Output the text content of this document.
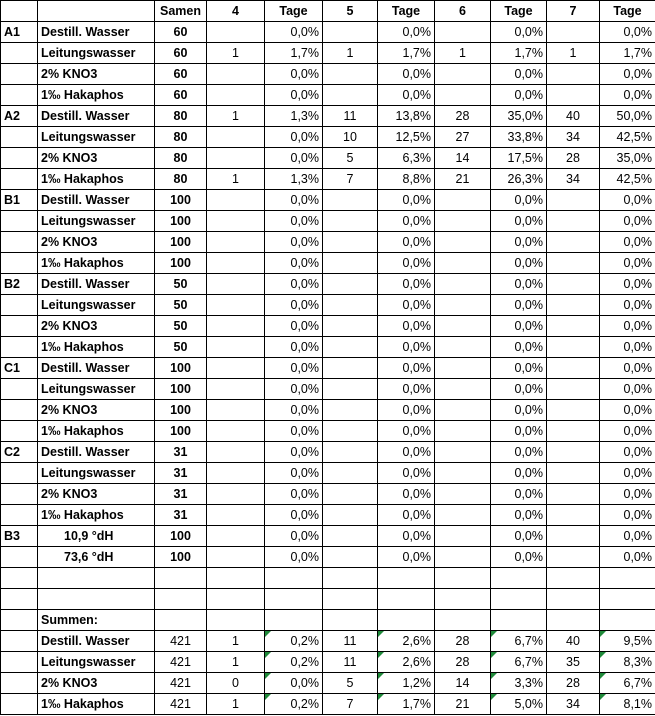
		Samen	4	Tage	5	Tage	6	Tage	7	Tage
A1	Destill. Wasser	60		0,0%		0,0%		0,0%		0,0%
	Leitungswasser	60	1	1,7%	1	1,7%	1	1,7%	1	1,7%
	2% KNO3	60		0,0%		0,0%		0,0%		0,0%
	1‰ Hakaphos	60		0,0%		0,0%		0,0%		0,0%
A2	Destill. Wasser	80	1	1,3%	11	13,8%	28	35,0%	40	50,0%
	Leitungswasser	80		0,0%	10	12,5%	27	33,8%	34	42,5%
	2% KNO3	80		0,0%	5	6,3%	14	17,5%	28	35,0%
	1‰ Hakaphos	80	1	1,3%	7	8,8%	21	26,3%	34	42,5%
B1	Destill. Wasser	100		0,0%		0,0%		0,0%		0,0%
	Leitungswasser	100		0,0%		0,0%		0,0%		0,0%
	2% KNO3	100		0,0%		0,0%		0,0%		0,0%
	1‰ Hakaphos	100		0,0%		0,0%		0,0%		0,0%
B2	Destill. Wasser	50		0,0%		0,0%		0,0%		0,0%
	Leitungswasser	50		0,0%		0,0%		0,0%		0,0%
	2% KNO3	50		0,0%		0,0%		0,0%		0,0%
	1‰ Hakaphos	50		0,0%		0,0%		0,0%		0,0%
C1	Destill. Wasser	100		0,0%		0,0%		0,0%		0,0%
	Leitungswasser	100		0,0%		0,0%		0,0%		0,0%
	2% KNO3	100		0,0%		0,0%		0,0%		0,0%
	1‰ Hakaphos	100		0,0%		0,0%		0,0%		0,0%
C2	Destill. Wasser	31		0,0%		0,0%		0,0%		0,0%
	Leitungswasser	31		0,0%		0,0%		0,0%		0,0%
	2% KNO3	31		0,0%		0,0%		0,0%		0,0%
	1‰ Hakaphos	31		0,0%		0,0%		0,0%		0,0%
B3	10,9 °dH	100		0,0%		0,0%		0,0%		0,0%
	73,6 °dH	100		0,0%		0,0%		0,0%		0,0%

	Summen:									
	Destill. Wasser	421	1	0,2%	11	2,6%	28	6,7%	40	9,5%
	Leitungswasser	421	1	0,2%	11	2,6%	28	6,7%	35	8,3%
	2% KNO3	421	0	0,0%	5	1,2%	14	3,3%	28	6,7%
	1‰ Hakaphos	421	1	0,2%	7	1,7%	21	5,0%	34	8,1%
